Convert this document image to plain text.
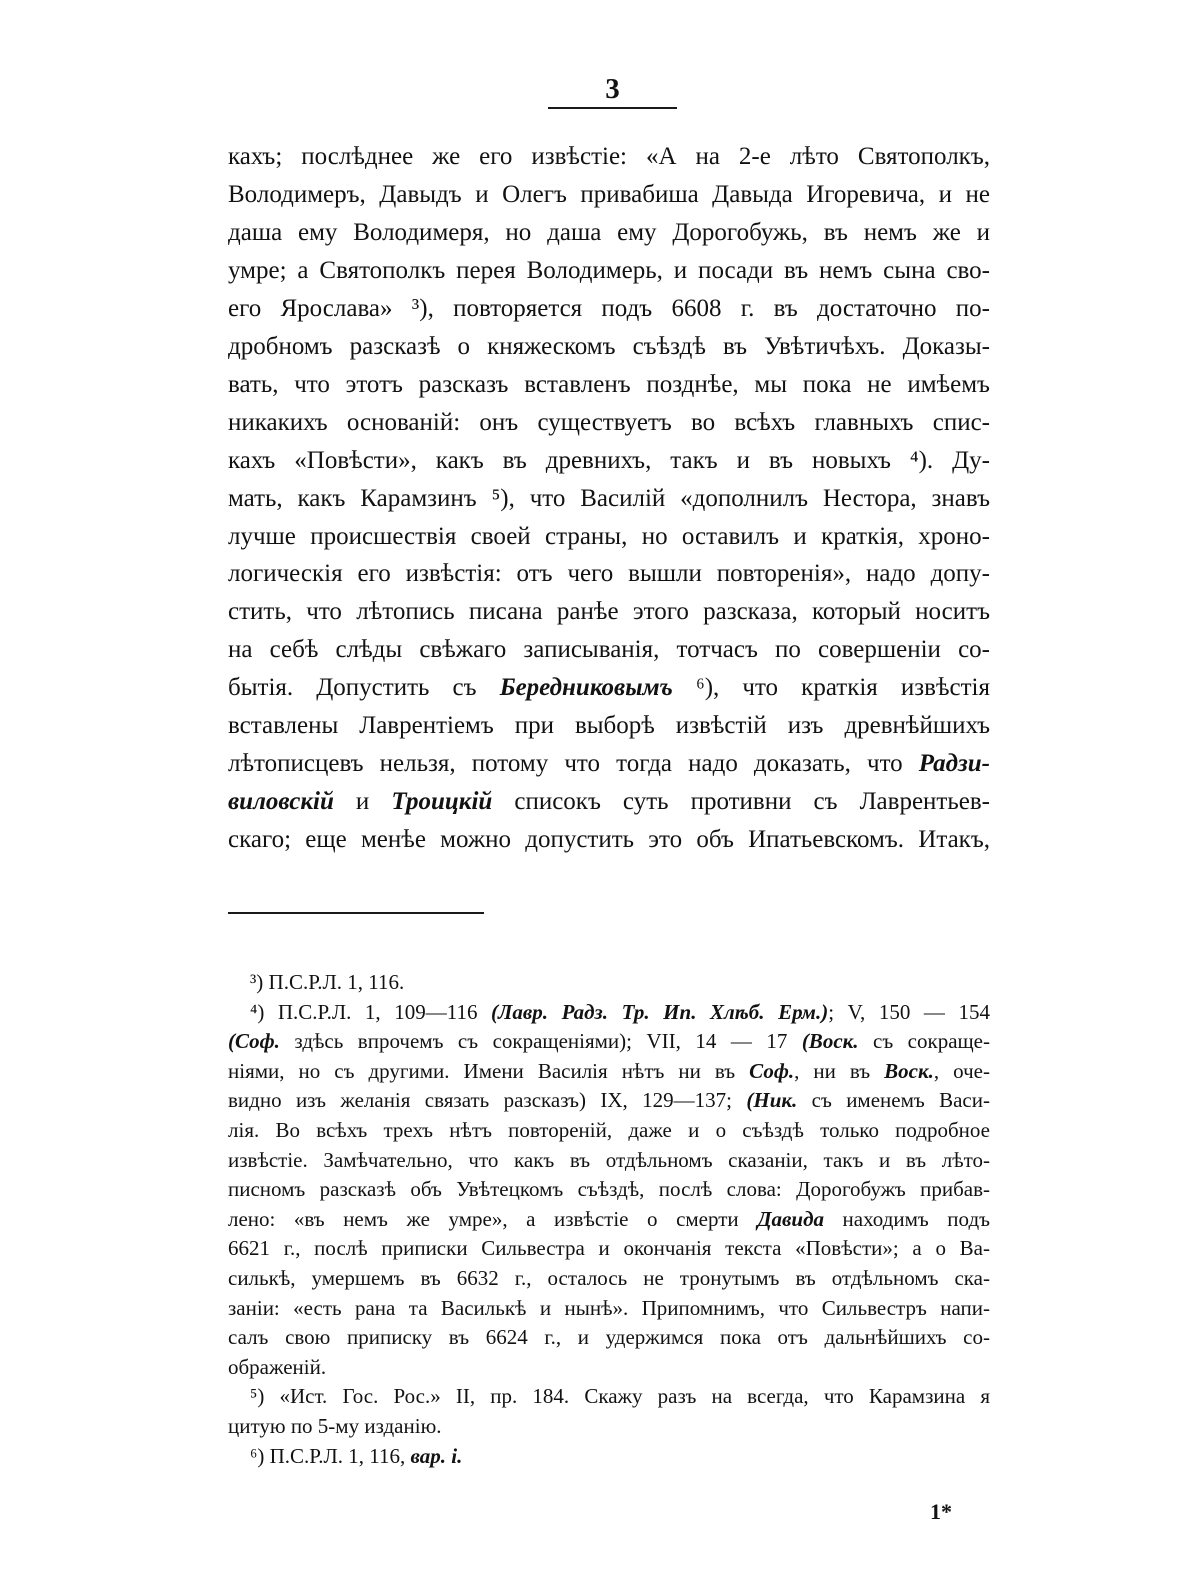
3
кахъ; послѣднее же его извѣстіе: «А на 2-е лѣто Святополкъ,
Володимеръ, Давыдъ и Олегъ привабиша Давыда Игоревича, и не
даша ему Володимеря, но даша ему Дорогобужь, въ немъ же и
умре; а Святополкъ перея Володимерь, и посади въ немъ сына сво-
его Ярослава» ³), повторяется подъ 6608 г. въ достаточно по-
дробномъ разсказѣ о княжескомъ съѣздѣ въ Увѣтичѣхъ. Доказы-
вать, что этотъ разсказъ вставленъ позднѣе, мы пока не имѣемъ
никакихъ основаній: онъ существуетъ во всѣхъ главныхъ спис-
кахъ «Повѣсти», какъ въ древнихъ, такъ и въ новыхъ ⁴). Ду-
мать, какъ Карамзинъ ⁵), что Василій «дополнилъ Нестора, знавъ
лучше происшествія своей страны, но оставилъ и краткія, хроно-
логическія его извѣстія: отъ чего вышли повторенія», надо допу-
стить, что лѣтопись писана ранѣе этого разсказа, который носитъ
на себѣ слѣды свѣжаго записыванія, тотчасъ по совершеніи со-
бытія. Допустить съ Бередниковымъ ⁶), что краткія извѣстія
вставлены Лаврентіемъ при выборѣ извѣстій изъ древнѣйшихъ
лѣтописцевъ нельзя, потому что тогда надо доказать, что Радзи-
виловскій и Троицкій списокъ суть противни съ Лаврентьев-
скаго; еще менѣе можно допустить это объ Ипатьевскомъ. Итакъ,
³) П.С.Р.Л. 1, 116.
⁴) П.С.Р.Л. 1, 109—116 (Лавр. Радз. Тр. Ип. Хлѣб. Ерм.); V, 150 — 154
(Соф. здѣсь впрочемъ съ сокращеніями); VII, 14 — 17 (Воск. съ сокраще-
ніями, но съ другими. Имени Василія нѣтъ ни въ Соф., ни въ Воск., оче-
видно изъ желанія связать разсказъ) IX, 129—137; (Ник. съ именемъ Васи-
лія. Во всѣхъ трехъ нѣтъ повтореній, даже и о съѣздѣ только подробное
извѣстіе. Замѣчательно, что какъ въ отдѣльномъ сказаніи, такъ и въ лѣто-
писномъ разсказѣ объ Увѣтецкомъ съѣздѣ, послѣ слова: Дорогобужъ прибав-
лено: «въ немъ же умре», а извѣстіе о смерти Давида находимъ подъ
6621 г., послѣ приписки Сильвестра и окончанія текста «Повѣсти»; а о Ва-
силькѣ, умершемъ въ 6632 г., осталось не тронутымъ въ отдѣльномъ ска-
заніи: «есть рана та Василькѣ и нынѣ». Припомнимъ, что Сильвестръ напи-
салъ свою приписку въ 6624 г., и удержимся пока отъ дальнѣйшихъ со-
ображеній.
⁵) «Ист. Гос. Рос.» II, пр. 184. Скажу разъ на всегда, что Карамзина я
цитую по 5-му изданію.
⁶) П.С.Р.Л. 1, 116, вар. і.
1*
